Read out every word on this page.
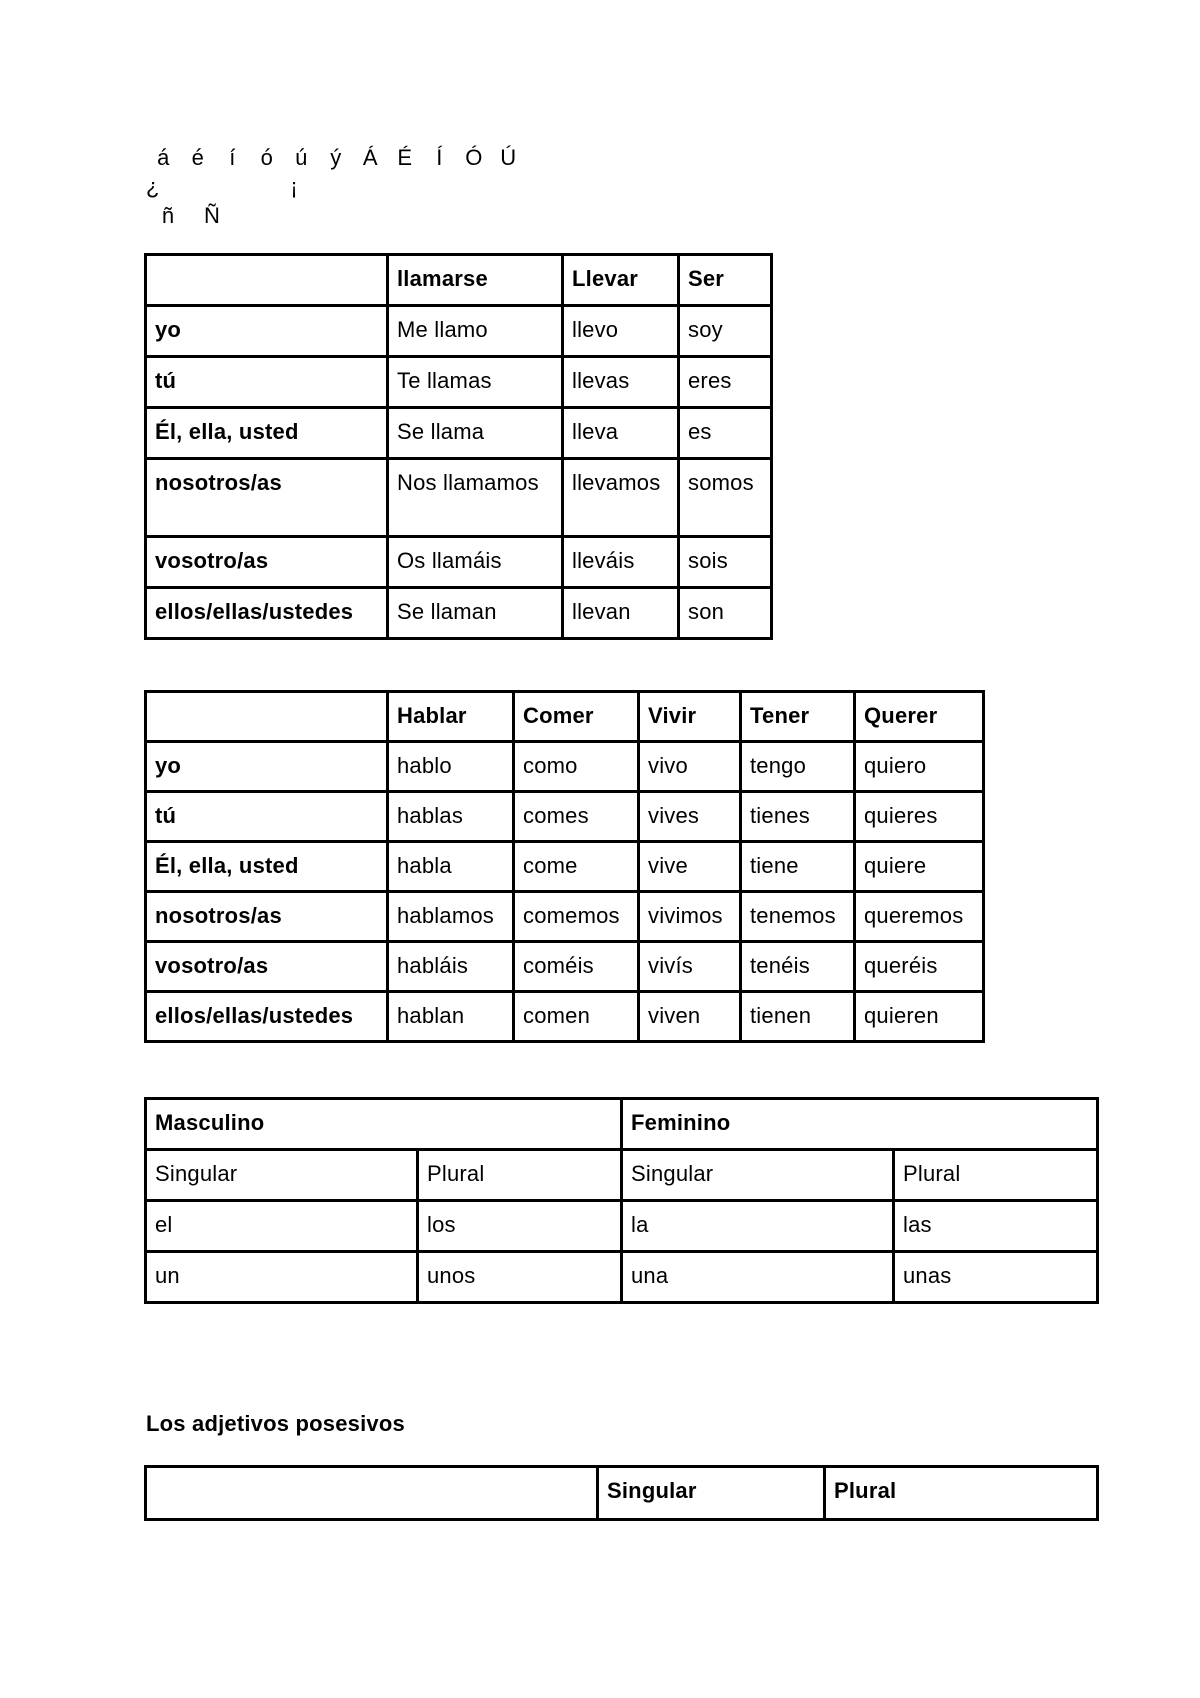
á	é	í	ó	ú	ý Á É	Í	Ó Ú
¿	¡
ñ	Ñ
	llamarse	Llevar	Ser
yo	Me llamo	llevo	soy
tú	Te llamas	llevas	eres
Él, ella, usted	Se llama	lleva	es
nosotros/as	Nos llamamos	llevamos	somos
vosotro/as	Os llamáis	lleváis	sois
ellos/ellas/ustedes	Se llaman	llevan	son
	Hablar	Comer	Vivir	Tener	Querer
yo	hablo	como	vivo	tengo	quiero
tú	hablas	comes	vives	tienes	quieres
Él, ella, usted	habla	come	vive	tiene	quiere
nosotros/as	hablamos	comemos	vivimos	tenemos	queremos
vosotro/as	habláis	coméis	vivís	tenéis	queréis
ellos/ellas/ustedes	hablan	comen	viven	tienen	quieren
Masculino		Feminino	
Singular	Plural	Singular	Plural
el	los	la	las
un	unos	una	unas
Los adjetivos posesivos
	Singular	Plural
